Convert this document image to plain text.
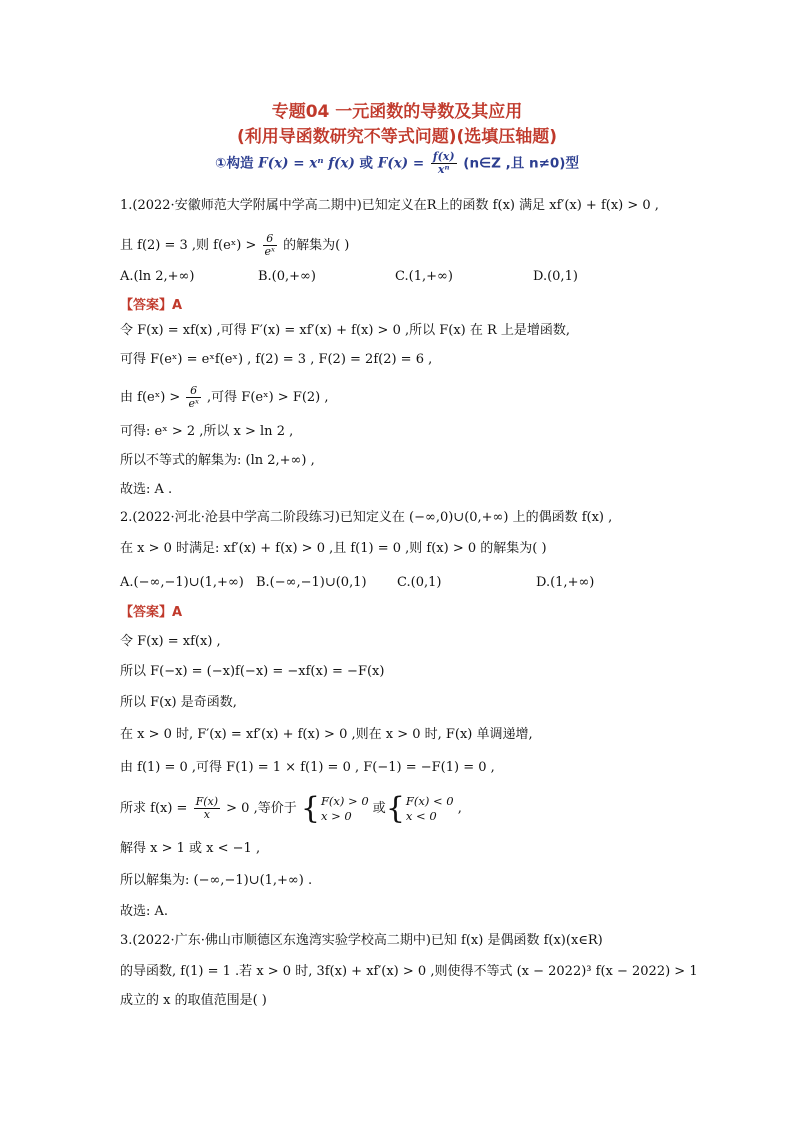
专题04 一元函数的导数及其应用
(利用导函数研究不等式问题)(选填压轴题)
①构造 F(x) = xⁿ f(x) 或 $F(x) = \frac{f(x)}{\text{xⁿ}}$ (n∈Z ,且 n≠0)型
1.(2022·安徽师范大学附属中学高二期中)已知定义在R上的函数 f(x) 满足 xf′(x) + f(x) > 0 ,
且 f(2) = 3 ,则 f(eˣ) > $\frac{6}{\text{eˣ}}$ 的解集为( )
A.(ln 2,+∞)	B.(0,+∞)	C.(1,+∞)	D.(0,1)
【答案】A
令 F(x) = xf(x) ,可得 F′(x) = xf′(x) + f(x) > 0 ,所以 F(x) 在 R 上是增函数,
可得 F(eˣ) = eˣf(eˣ) , f(2) = 3 , F(2) = 2f(2) = 6 ,
由 f(eˣ) > $\frac{6}{\text{eˣ}}$ ,可得 F(eˣ) > F(2) ,
可得: eˣ > 2 ,所以 x > ln 2 ,
所以不等式的解集为: (ln 2,+∞) ,
故选: A .
2.(2022·河北·沧县中学高二阶段练习)已知定义在 (−∞,0)∪(0,+∞) 上的偶函数 f(x) ,
在 x > 0 时满足: xf′(x) + f(x) > 0 ,且 f(1) = 0 ,则 f(x) > 0 的解集为( )
A.(−∞,−1)∪(1,+∞) B.(−∞,−1)∪(0,1) C.(0,1)	D.(1,+∞)
【答案】A
令 F(x) = xf(x) ,
所以 F(−x) = (−x)f(−x) = −xf(x) = −F(x)
所以 F(x) 是奇函数,
在 x > 0 时, F′(x) = xf′(x) + f(x) > 0 ,则在 x > 0 时, F(x) 单调递增,
由 f(1) = 0 ,可得 F(1) = 1 × f(1) = 0 , F(−1) = −F(1) = 0 ,
所求 $f(x) = \frac{F(x)}{x} > 0$ ,等价于 { F(x) > 0
x > 0	或{ F(x) < 0
x < 0	,
解得 x > 1 或 x < −1 ,
所以解集为: (−∞,−1)∪(1,+∞) .
故选: A.
3.(2022·广东·佛山市顺德区东逸湾实验学校高二期中)已知 f(x) 是偶函数 f(x)(x∈R)
的导函数, f(1) = 1 .若 x > 0 时, 3f(x) + xf′(x) > 0 ,则使得不等式 (x − 2022)³ f(x − 2022) > 1
成立的 x 的取值范围是( )
